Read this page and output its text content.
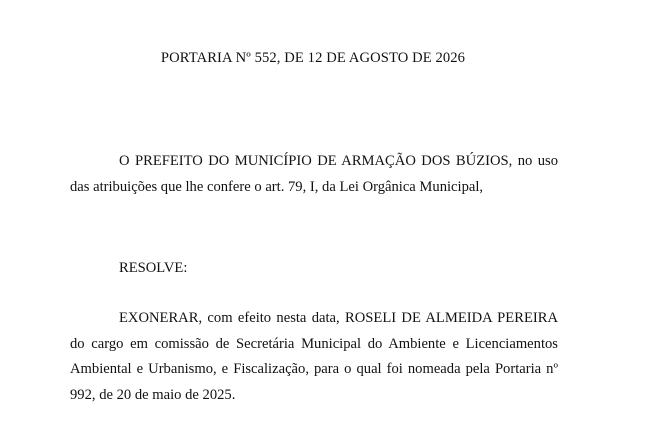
PORTARIA Nº 552, DE 12 DE AGOSTO DE 2026
O PREFEITO DO MUNICÍPIO DE ARMAÇÃO DOS BÚZIOS, no uso das atribuições que lhe confere o art. 79, I, da Lei Orgânica Municipal,
RESOLVE:
EXONERAR, com efeito nesta data, ROSELI DE ALMEIDA PEREIRA do cargo em comissão de Secretária Municipal do Ambiente e Licenciamentos Ambiental e Urbanismo, e Fiscalização, para o qual foi nomeada pela Portaria nº 992, de 20 de maio de 2025.
